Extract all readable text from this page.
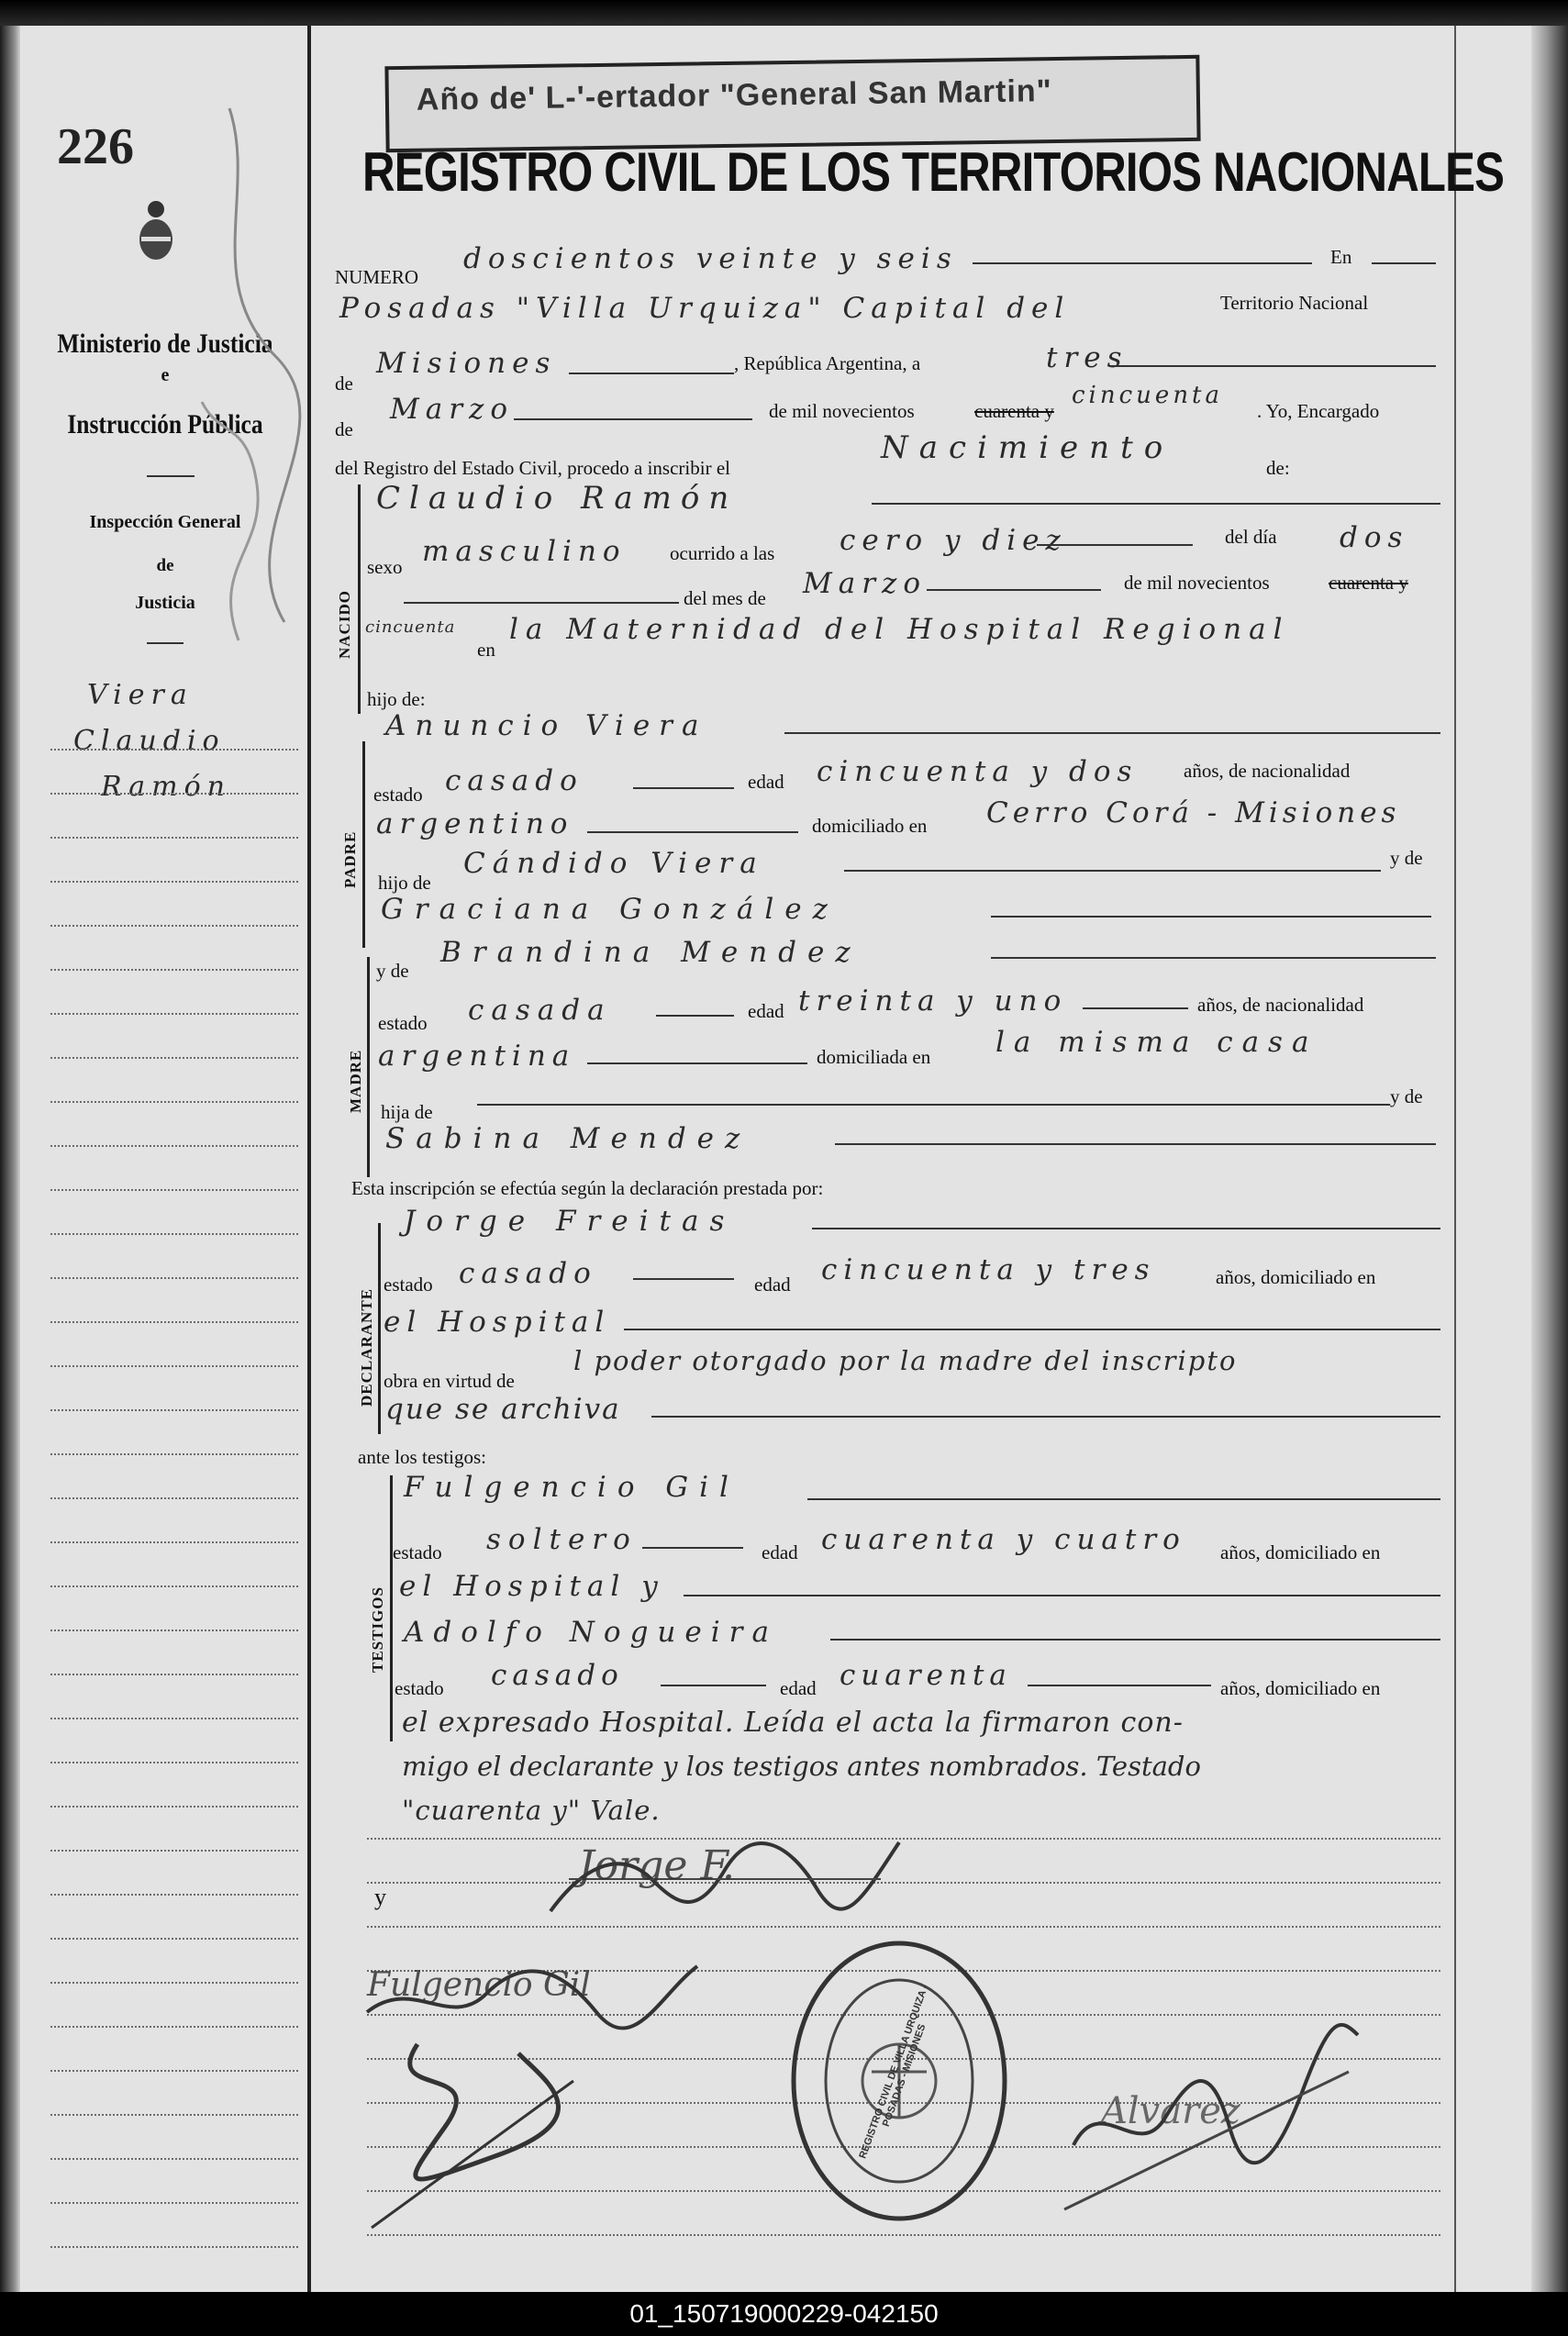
Año de' L-'-ertador "General San Martin"
REGISTRO CIVIL DE LOS TERRITORIOS NACIONALES
226
Ministerio de Justicia
e
Instrucción Pública
Inspección General
de
Justicia
Viera
Claudio
Ramón
NUMERO
doscientos veinte y seis	En
Posadas "Villa Urquiza" Capital del	Territorio Nacional
de
Misiones	, República Argentina, a	tres
de
Marzo	de mil novecientos	cuarenta y
cincuenta
. Yo, Encargado
del Registro del Estado Civil, procedo a inscribir el
Nacimiento
de:
NACIDO
Claudio Ramón
sexo masculino ocurrido a las cero y diez	del día dos
del mes de Marzo	de mil novecientos	cuarenta y
cincuenta
en
la Maternidad del Hospital Regional
hijo de:
PADRE
Anuncio Viera
estado casado	edad cincuenta y dos años, de nacionalidad
argentino	domiciliado en Cerro Corá - Misiones
hijo de
Cándido Viera	y de
Graciana González
MADRE
y de
Brandina Mendez
estado casada	edad treinta y uno	años, de nacionalidad
argentina	domiciliada en la misma casa
hija de
y de
Sabina Mendez
Esta inscripción se efectúa según la declaración prestada por:
DECLARANTE
Jorge Freitas
estado casado	edad cincuenta y tres	años, domiciliado en
el Hospital
obra en virtud de
l poder otorgado por la madre del inscripto
que se archiva
ante los testigos:
TESTIGOS
Fulgencio Gil
estado soltero	edad cuarenta y cuatro años, domiciliado en
el Hospital y
Adolfo Nogueira
estado casado	edad cuarenta	años, domiciliado en
el expresado Hospital. Leída el acta la firmaron con-
migo el declarante y los testigos antes nombrados. Testado
"cuarenta y" Vale.
y
Jorge F.
Fulgencio Gil	REGISTRO CIVIL DE VILLA URQUIZA - POSADAS - MISIONES	Alvarez
01_150719000229-042150
